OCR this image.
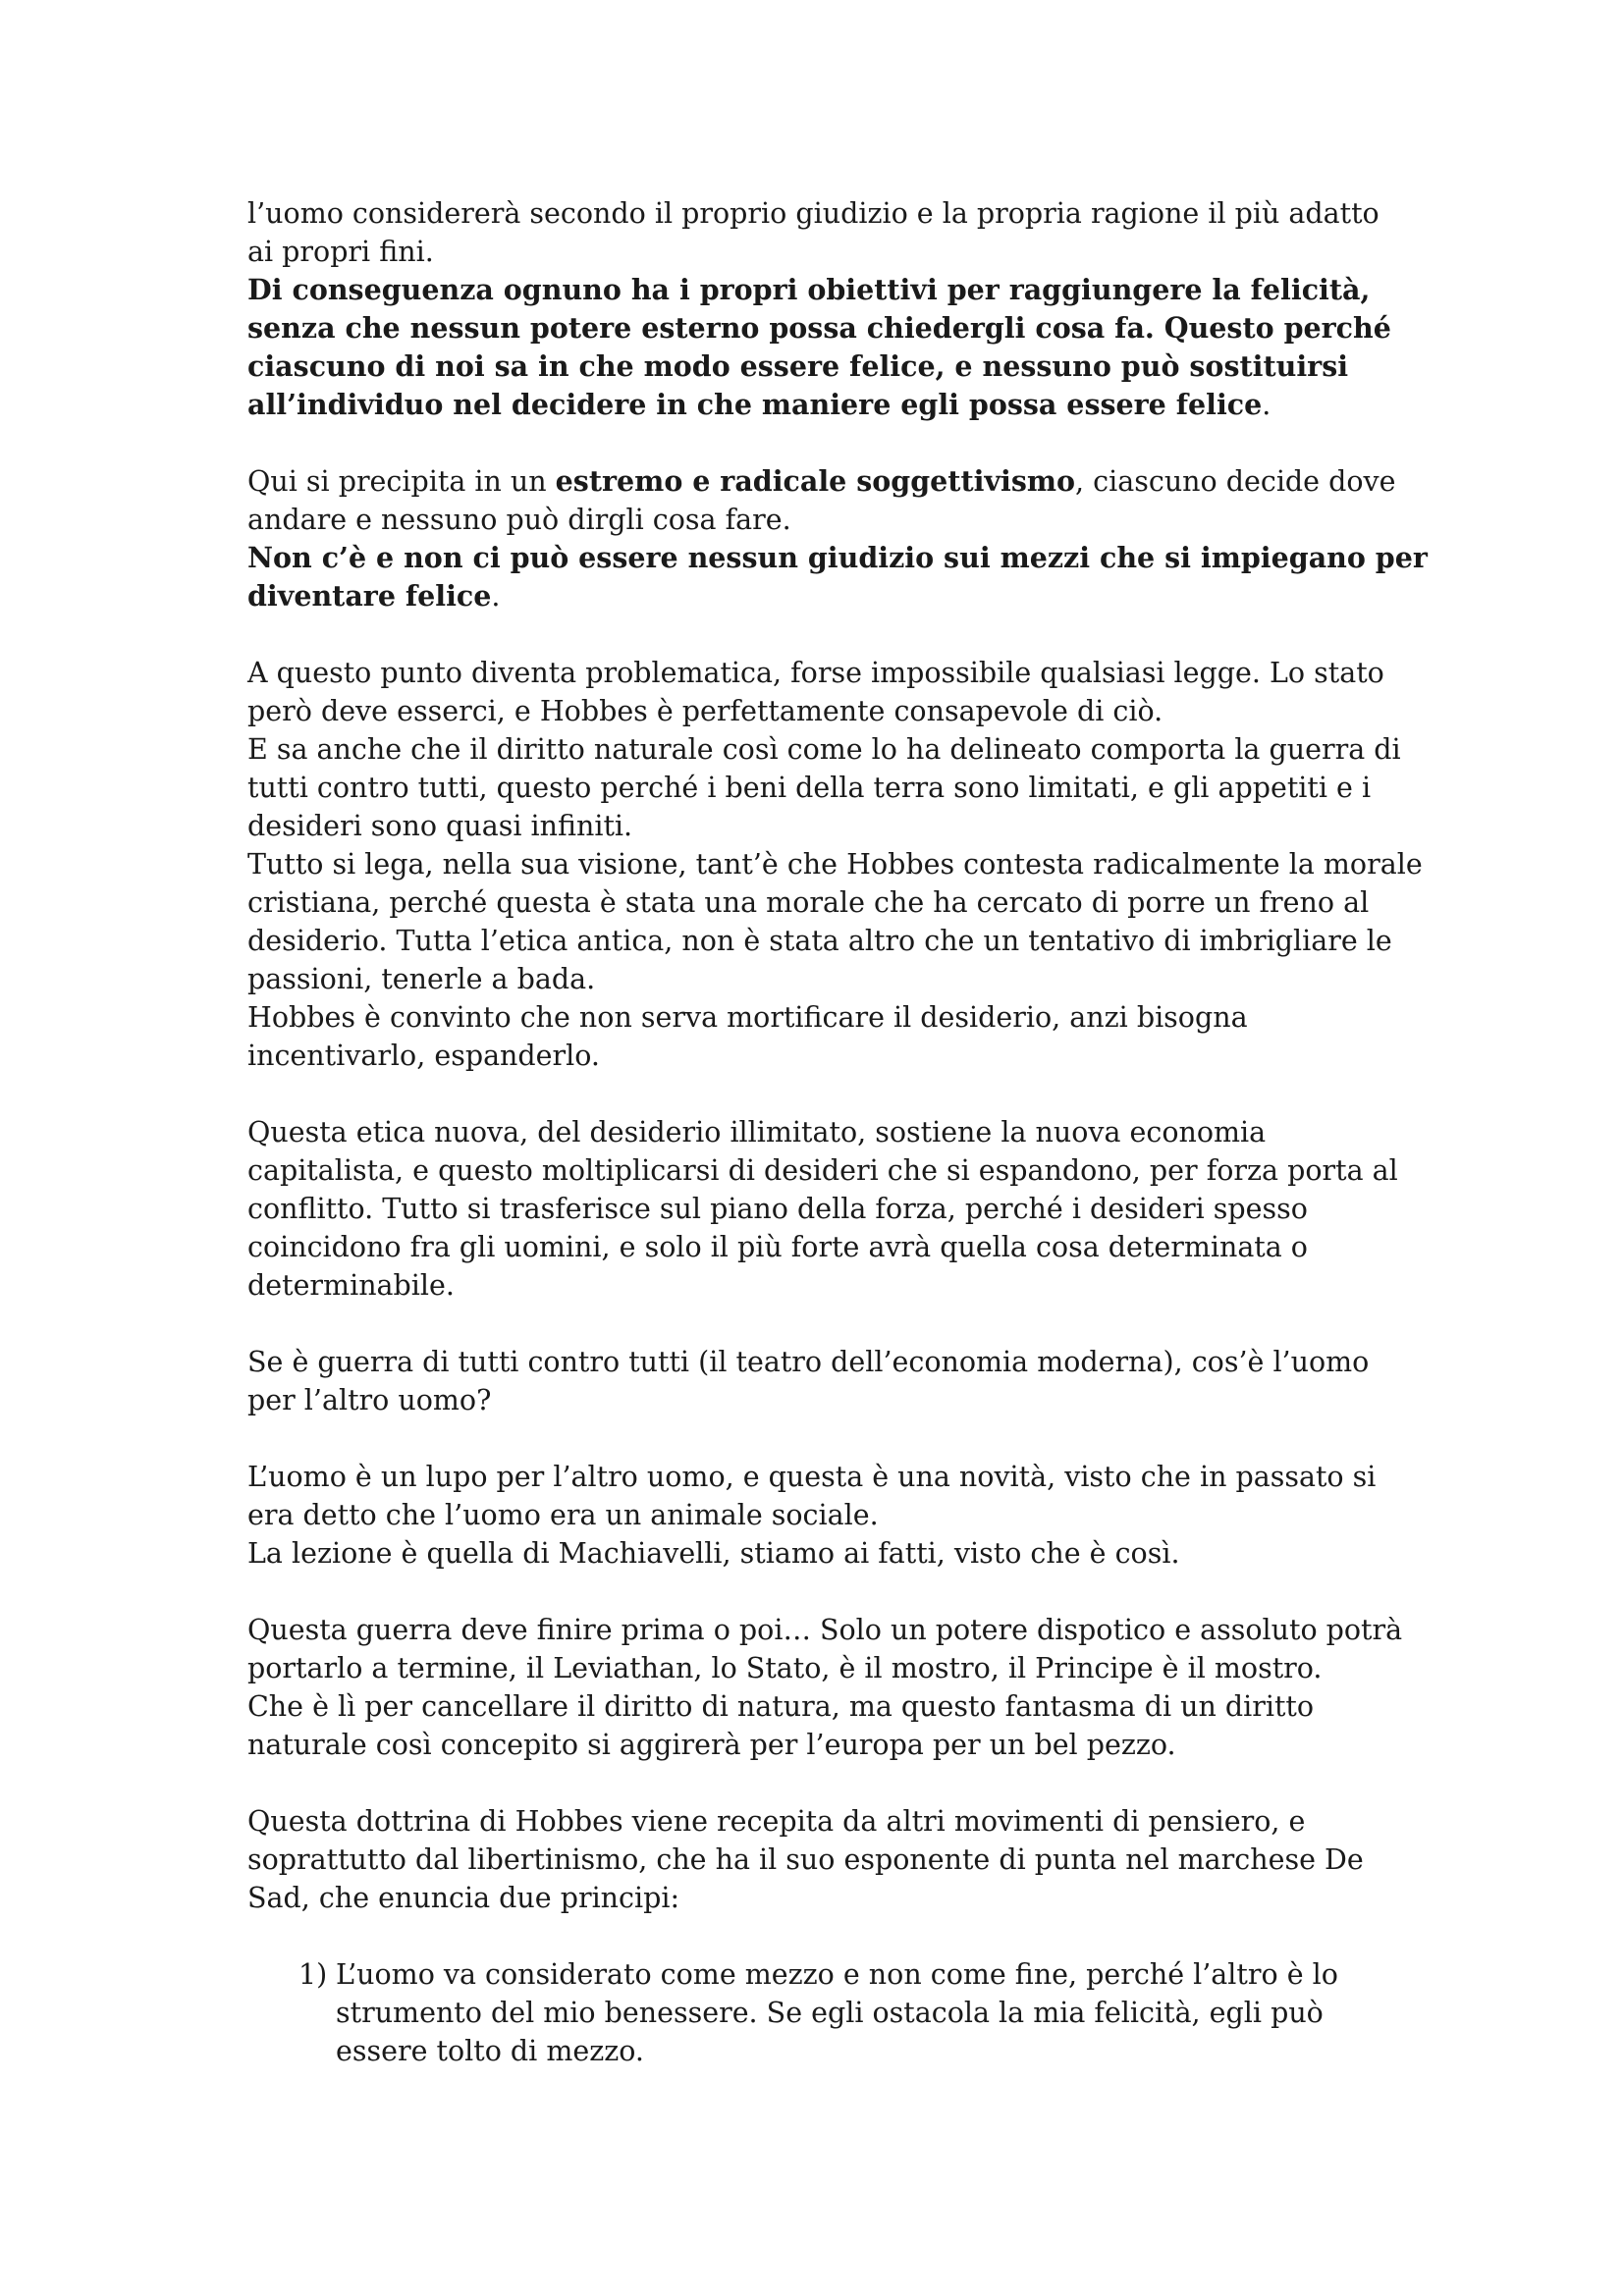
l’uomo considererà secondo il proprio giudizio e la propria ragione il più adatto
ai propri fini.
Di conseguenza ognuno ha i propri obiettivi per raggiungere la felicità,
senza che nessun potere esterno possa chiedergli cosa fa. Questo perché
ciascuno di noi sa in che modo essere felice, e nessuno può sostituirsi
all’individuo nel decidere in che maniere egli possa essere felice.
Qui si precipita in un estremo e radicale soggettivismo, ciascuno decide dove
andare e nessuno può dirgli cosa fare.
Non c’è e non ci può essere nessun giudizio sui mezzi che si impiegano per
diventare felice.
A questo punto diventa problematica, forse impossibile qualsiasi legge. Lo stato
però deve esserci, e Hobbes è perfettamente consapevole di ciò.
E sa anche che il diritto naturale così come lo ha delineato comporta la guerra di
tutti contro tutti, questo perché i beni della terra sono limitati, e gli appetiti e i
desideri sono quasi infiniti.
Tutto si lega, nella sua visione, tant’è che Hobbes contesta radicalmente la morale
cristiana, perché questa è stata una morale che ha cercato di porre un freno al
desiderio. Tutta l’etica antica, non è stata altro che un tentativo di imbrigliare le
passioni, tenerle a bada.
Hobbes è convinto che non serva mortificare il desiderio, anzi bisogna
incentivarlo, espanderlo.
Questa etica nuova, del desiderio illimitato, sostiene la nuova economia
capitalista, e questo moltiplicarsi di desideri che si espandono, per forza porta al
conflitto. Tutto si trasferisce sul piano della forza, perché i desideri spesso
coincidono fra gli uomini, e solo il più forte avrà quella cosa determinata o
determinabile.
Se è guerra di tutti contro tutti (il teatro dell’economia moderna), cos’è l’uomo
per l’altro uomo?
L’uomo è un lupo per l’altro uomo, e questa è una novità, visto che in passato si
era detto che l’uomo era un animale sociale.
La lezione è quella di Machiavelli, stiamo ai fatti, visto che è così.
Questa guerra deve finire prima o poi… Solo un potere dispotico e assoluto potrà
portarlo a termine, il Leviathan, lo Stato, è il mostro, il Principe è il mostro.
Che è lì per cancellare il diritto di natura, ma questo fantasma di un diritto
naturale così concepito si aggirerà per l’europa per un bel pezzo.
Questa dottrina di Hobbes viene recepita da altri movimenti di pensiero, e
soprattutto dal libertinismo, che ha il suo esponente di punta nel marchese De
Sad, che enuncia due principi:
1) L’uomo va considerato come mezzo e non come fine, perché l’altro è lo
strumento del mio benessere. Se egli ostacola la mia felicità, egli può
essere tolto di mezzo.
